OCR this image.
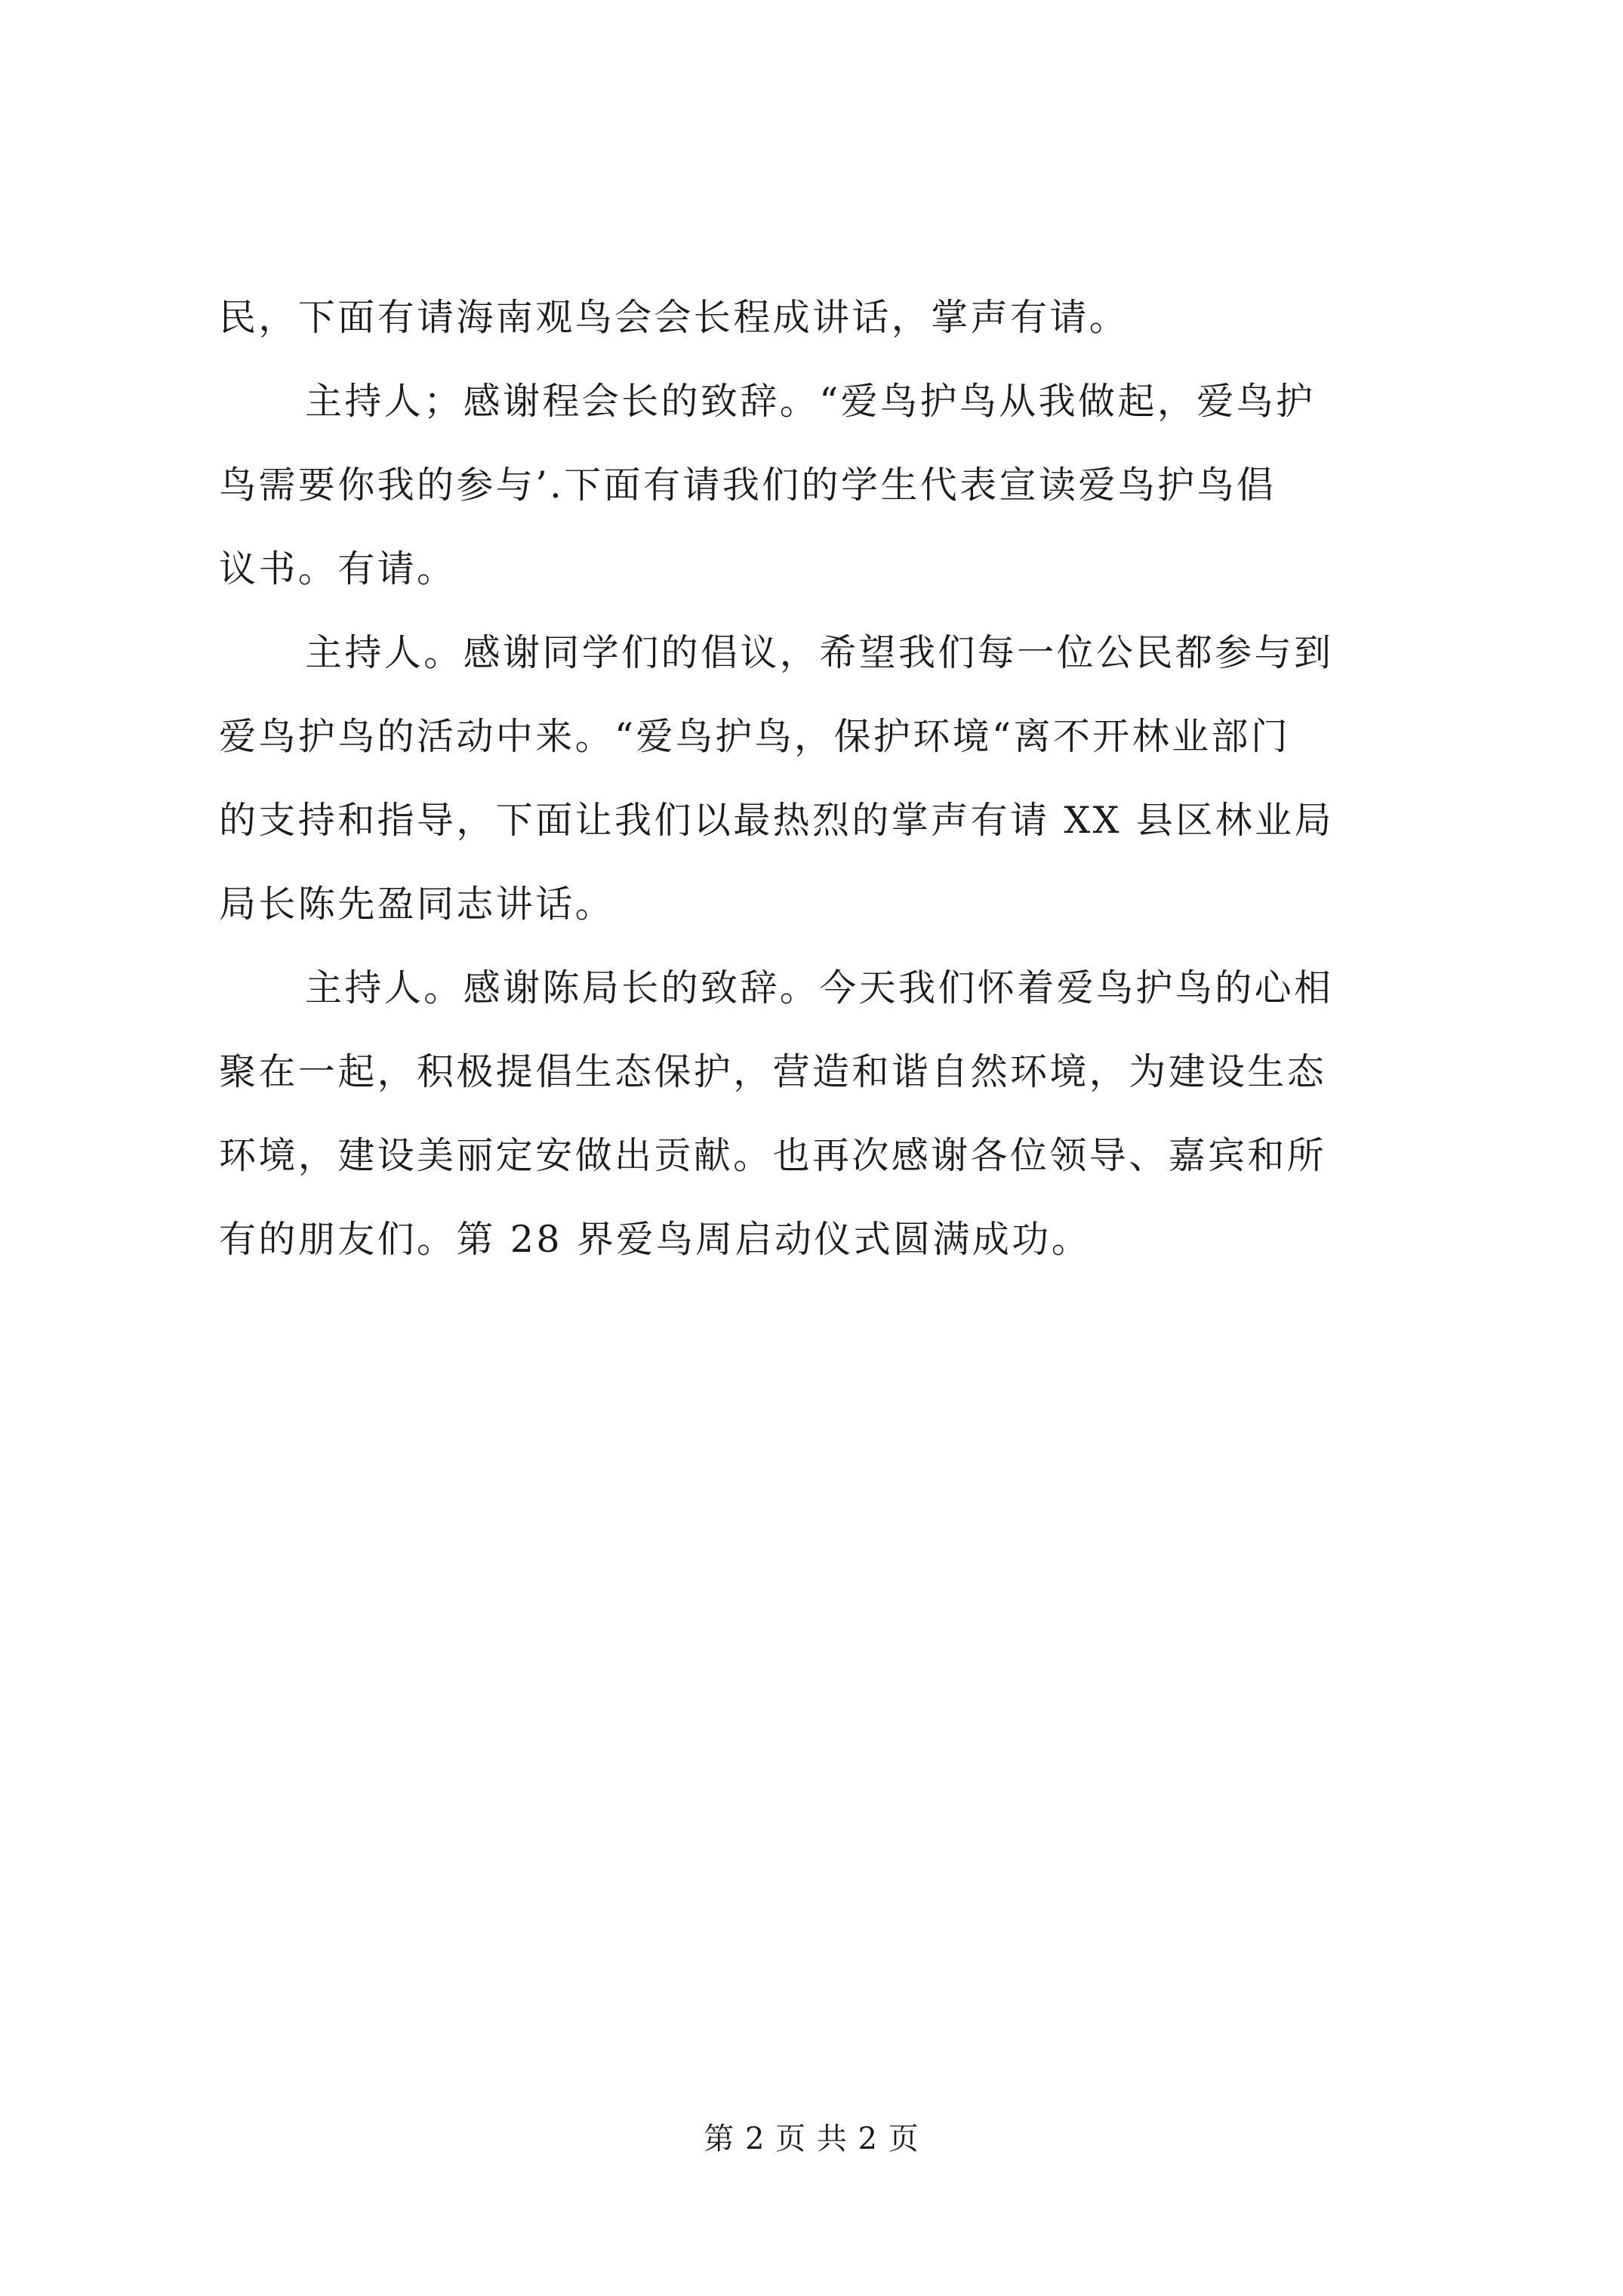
民，下面有请海南观鸟会会长程成讲话，掌声有请。

主持人；感谢程会长的致辞。“爱鸟护鸟从我做起，爱鸟护
鸟需要你我的参与’.下面有请我们的学生代表宣读爱鸟护鸟倡
议书。有请。

主持人。感谢同学们的倡议，希望我们每一位公民都参与到
爱鸟护鸟的活动中来。“爱鸟护鸟，保护环境“离不开林业部门
的支持和指导，下面让我们以最热烈的掌声有请 XX 县区林业局
局长陈先盈同志讲话。

主持人。感谢陈局长的致辞。今天我们怀着爱鸟护鸟的心相
聚在一起，积极提倡生态保护，营造和谐自然环境，为建设生态
环境，建设美丽定安做出贡献。也再次感谢各位领导、嘉宾和所
有的朋友们。第 28 界爱鸟周启动仪式圆满成功。

第 2 页 共 2 页
